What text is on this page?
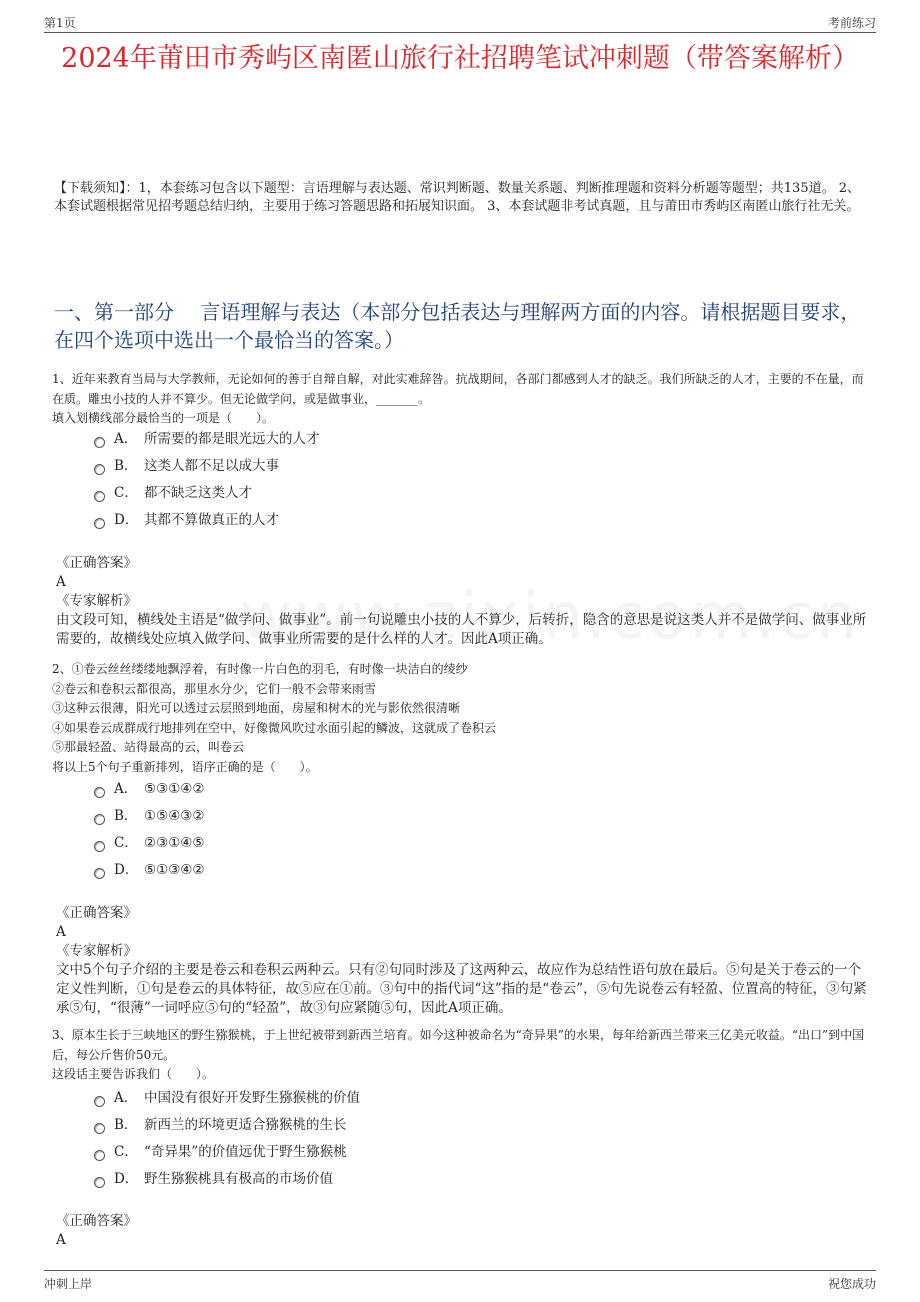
第1页	考前练习
2024年莆田市秀屿区南匿山旅行社招聘笔试冲刺题（带答案解析）
【下载须知】：1，本套练习包含以下题型：言语理解与表达题、常识判断题、数量关系题、判断推理题和资料分析题等题型；共135道。 2、本套试题根据常见招考题总结归纳，主要用于练习答题思路和拓展知识面。 3、本套试题非考试真题，且与莆田市秀屿区南匿山旅行社无关。
一、第一部分　 言语理解与表达（本部分包括表达与理解两方面的内容。请根据题目要求，在四个选项中选出一个最恰当的答案。）

1、近年来教育当局与大学教师，无论如何的善于自辩自解，对此实难辞咎。抗战期间，各部门都感到人才的缺乏。我们所缺乏的人才，主要的不在量，而在质。雕虫小技的人并不算少。但无论做学问，或是做事业，_______。

填入划横线部分最恰当的一项是（　　）。

A． 所需要的都是眼光远大的人才
B． 这类人都不足以成大事
C． 都不缺乏这类人才
D． 其都不算做真正的人才

《正确答案》

A

《专家解析》

由文段可知，横线处主语是“做学问、做事业”。前一句说雕虫小技的人不算少，后转折，隐含的意思是说这类人并不是做学问、做事业所需要的，故横线处应填入做学问、做事业所需要的是什么样的人才。因此A项正确。

2、①卷云丝丝缕缕地飘浮着，有时像一片白色的羽毛，有时像一块洁白的绫纱

②卷云和卷积云都很高，那里水分少，它们一般不会带来雨雪

③这种云很薄，阳光可以透过云层照到地面，房屋和树木的光与影依然很清晰

④如果卷云成群成行地排列在空中，好像微风吹过水面引起的鳞波，这就成了卷积云

⑤那最轻盈、站得最高的云，叫卷云

将以上5个句子重新排列，语序正确的是（　　）。

A． ⑤③①④②
B． ①⑤④③②
C． ②③①④⑤
D． ⑤①③④②

《正确答案》

A

《专家解析》

文中5个句子介绍的主要是卷云和卷积云两种云。只有②句同时涉及了这两种云，故应作为总结性语句放在最后。⑤句是关于卷云的一个定义性判断，①句是卷云的具体特征，故⑤应在①前。③句中的指代词“这”指的是“卷云”，⑤句先说卷云有轻盈、位置高的特征，③句紧承⑤句，“很薄”一词呼应⑤句的“轻盈”，故③句应紧随⑤句，因此A项正确。

3、原本生长于三峡地区的野生猕猴桃，于上世纪被带到新西兰培育。如今这种被命名为“奇异果”的水果，每年给新西兰带来三亿美元收益。“出口”到中国后，每公斤售价50元。

这段话主要告诉我们（　　）。

A． 中国没有很好开发野生猕猴桃的价值
B． 新西兰的环境更适合猕猴桃的生长
C． “奇异果”的价值远优于野生猕猴桃
D． 野生猕猴桃具有极高的市场价值

《正确答案》

A

冲刺上岸	祝您成功
